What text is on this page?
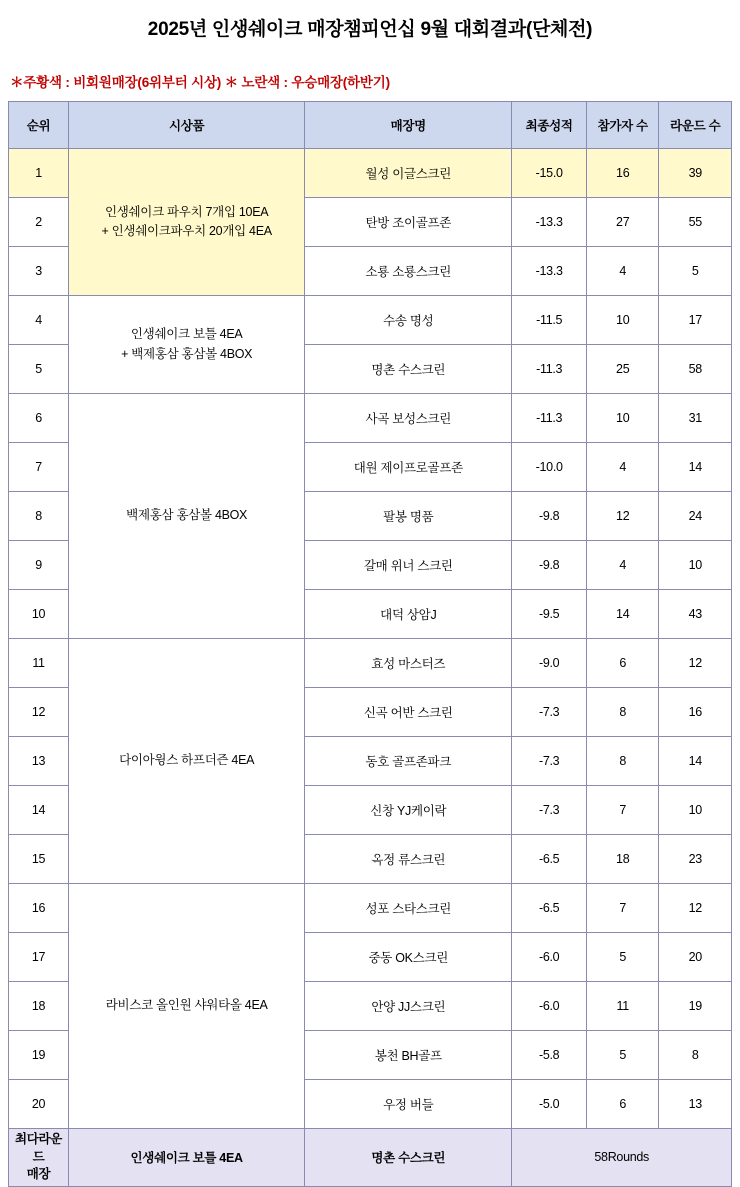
2025년 인생쉐이크 매장챔피언십 9월 대회결과(단체전)
＊주황색 : 비회원매장(6위부터 시상) ＊ 노란색 : 우승매장(하반기)
순위	시상품	매장명	최종성적	참가자 수	라운드 수
1	인생쉐이크 파우치 7개입 10EA
+ 인생쉐이크파우치 20개입 4EA	월성 이글스크린	-15.0	16	39
2		탄방 조이골프존	-13.3	27	55
3		소룡 소룡스크린	-13.3	4	5
4	인생쉐이크 보틀 4EA
+ 백제홍삼 홍삼볼 4BOX	수송 명성	-11.5	10	17
5		명촌 수스크린	-11.3	25	58
6	백제홍삼 홍삼볼 4BOX	사곡 보성스크린	-11.3	10	31
7		대원 제이프로골프존	-10.0	4	14
8		팔봉 명품	-9.8	12	24
9		갈매 위너 스크린	-9.8	4	10
10		대덕 상암J	-9.5	14	43
11	다이아윙스 하프더즌 4EA	효성 마스터즈	-9.0	6	12
12		신곡 어반 스크린	-7.3	8	16
13		동호 골프존파크	-7.3	8	14
14		신창 YJ케이락	-7.3	7	10
15		옥정 류스크린	-6.5	18	23
16	라비스코 올인원 샤워타올 4EA	성포 스타스크린	-6.5	7	12
17		중동 OK스크린	-6.0	5	20
18		안양 JJ스크린	-6.0	11	19
19		봉천 BH골프	-5.8	5	8
20		우정 버들	-5.0	6	13
최다라운드
매장	인생쉐이크 보틀 4EA	명촌 수스크린	58Rounds		
